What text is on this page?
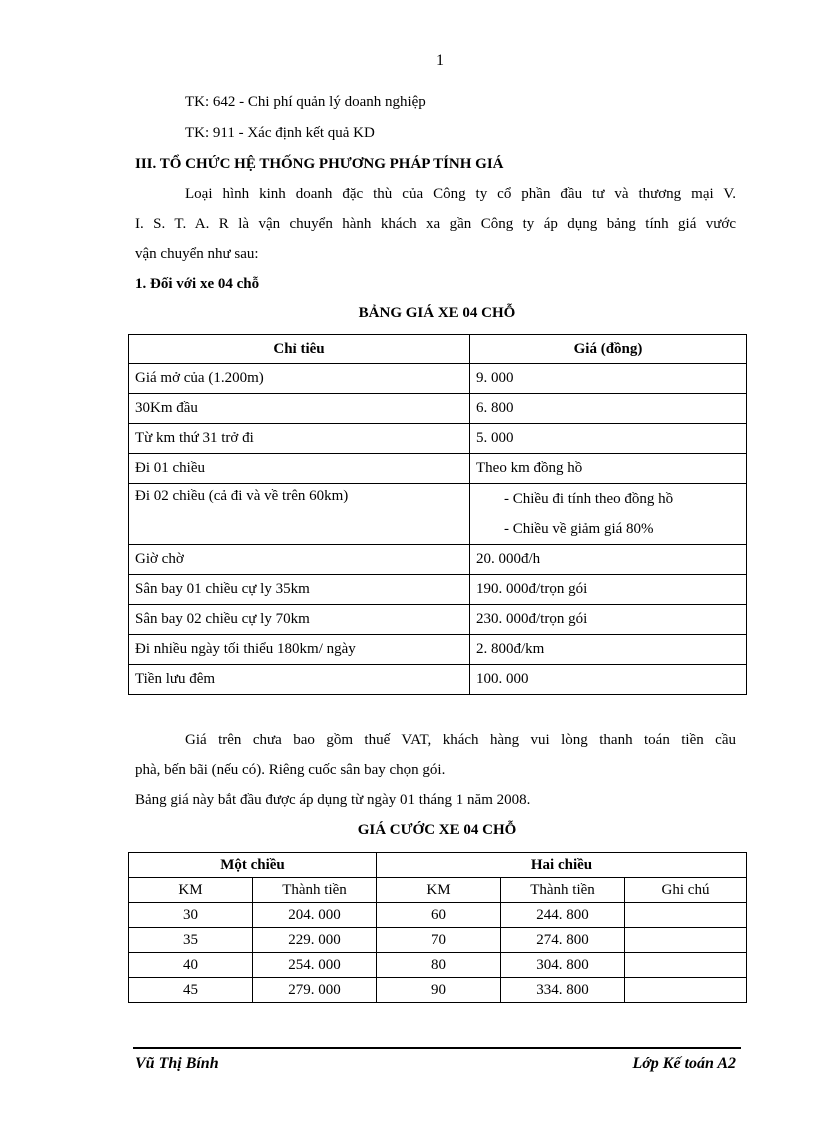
1
TK: 642 - Chi phí quản lý doanh nghiệp
TK: 911 - Xác định kết quả KD
III. TỔ CHỨC HỆ THỐNG PHƯƠNG PHÁP TÍNH GIÁ
Loại hình kinh doanh đặc thù của Công ty cổ phần đầu tư và thương mại V.
I. S. T. A. R là vận chuyển hành khách xa gần Công ty áp dụng bảng tính giá vước
vận chuyển như sau:
1. Đối với xe 04 chỗ
BẢNG GIÁ XE 04 CHỖ
Chỉ tiêu	Giá (đồng)
Giá mở của (1.200m)	9. 000
30Km đầu	6. 800
Từ km thứ 31 trở đi	5. 000
Đi 01 chiều	Theo km đồng hồ
Đi 02 chiều (cả đi và về trên 60km)	- Chiều đi tính theo đồng hồ
- Chiều về giảm giá 80%

Giờ chờ	20. 000đ/h
Sân bay 01 chiều cự ly 35km	190. 000đ/trọn gói
Sân bay 02 chiều cự ly 70km	230. 000đ/trọn gói
Đi nhiều ngày tối thiểu 180km/ ngày	2. 800đ/km
Tiền lưu đêm	100. 000
Giá trên chưa bao gồm thuế VAT, khách hàng vui lòng thanh toán tiền cầu
phà, bến bãi (nếu có). Riêng cuốc sân bay chọn gói.
Bảng giá này bắt đầu được áp dụng từ ngày 01 tháng 1 năm 2008.
GIÁ CƯỚC XE 04 CHỖ
Một chiều		Hai chiều		
KM	Thành tiền	KM	Thành tiền	Ghi chú
30	204. 000	60	244. 800	
35	229. 000	70	274. 800	
40	254. 000	80	304. 800	
45	279. 000	90	334. 800	
Vũ Thị Bính	Lớp Kế toán A2
